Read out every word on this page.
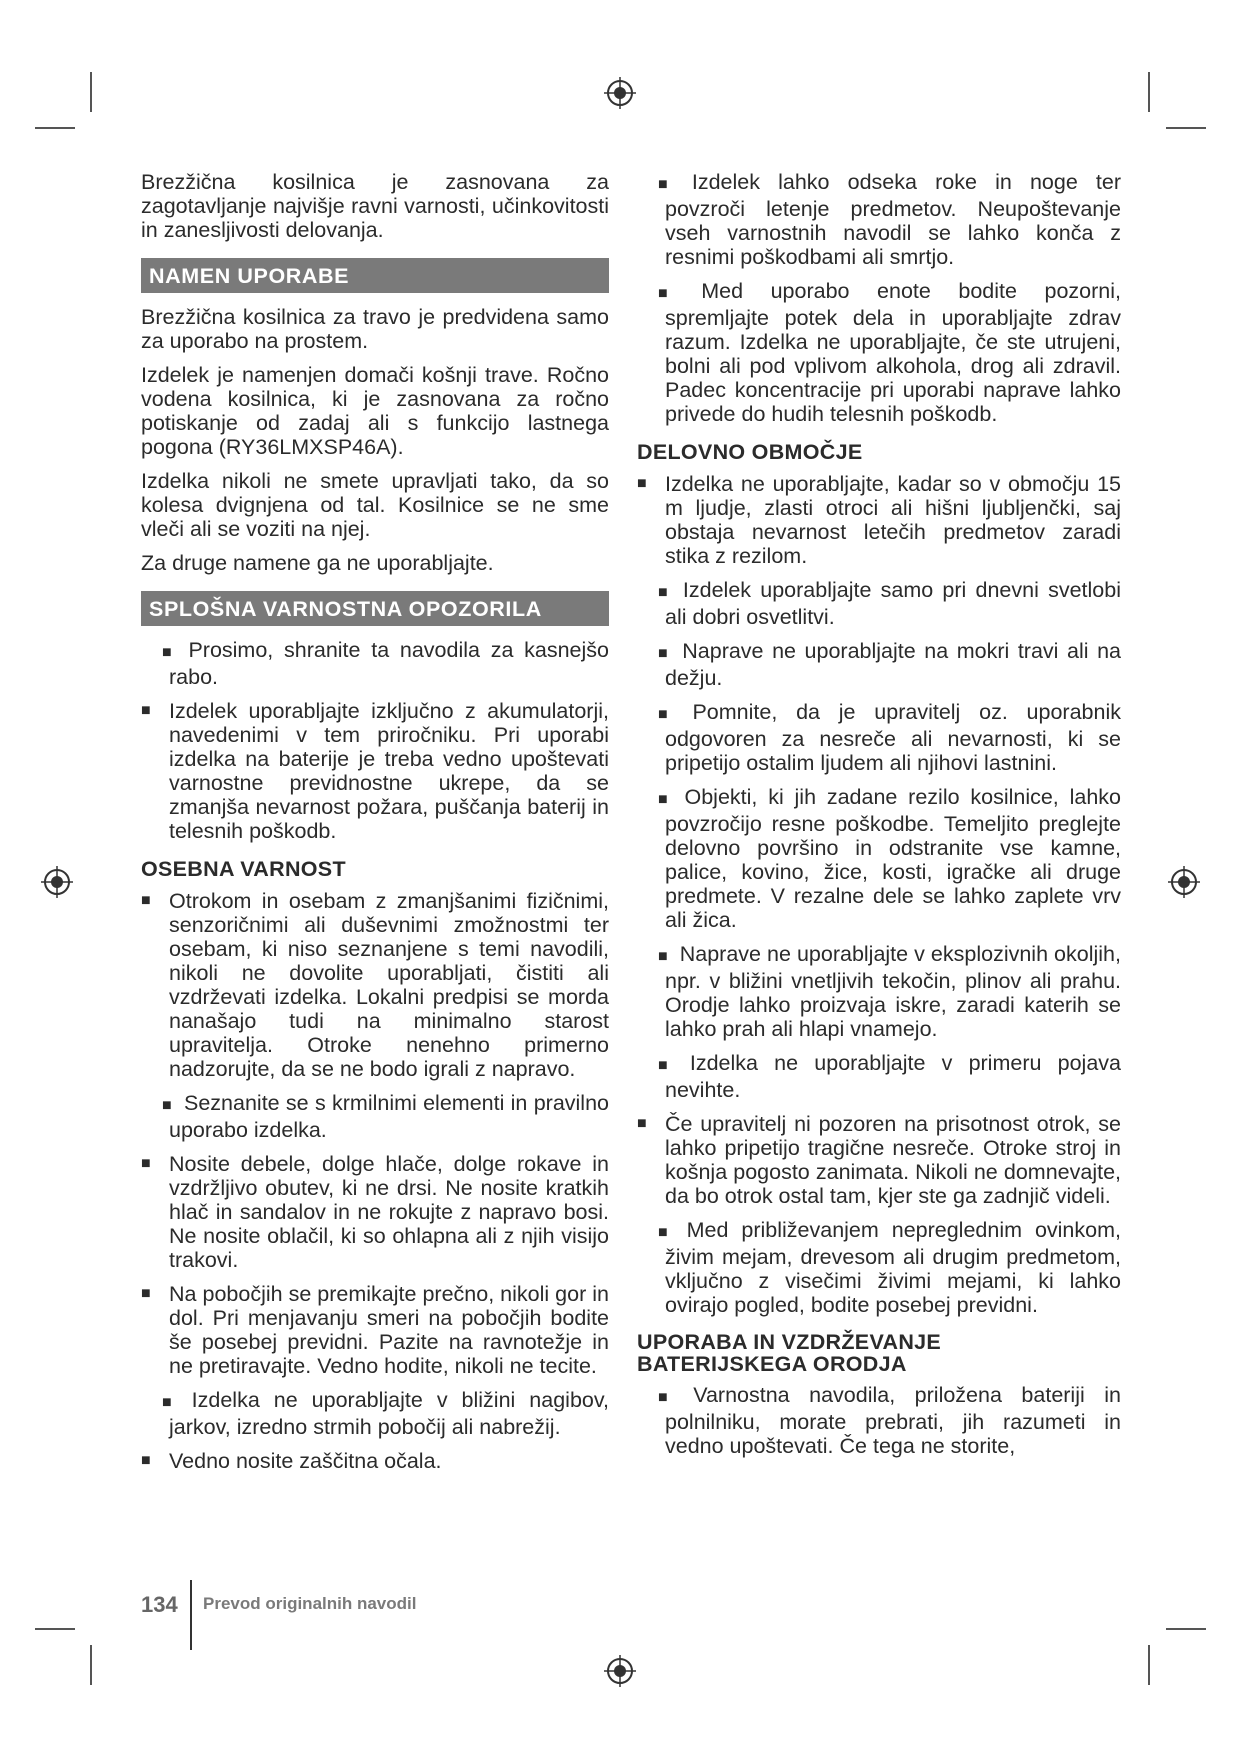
Brezžična kosilnica je zasnovana za zagotavljanje najvišje ravni varnosti, učinkovitosti in zanesljivosti delovanja.

NAMEN UPORABE

Brezžična kosilnica za travo je predvidena samo za uporabo na prostem.

Izdelek je namenjen domači košnji trave. Ročno vodena kosilnica, ki je zasnovana za ročno potiskanje od zadaj ali s funkcijo lastnega pogona (RY36LMXSP46A).

Izdelka nikoli ne smete upravljati tako, da so kolesa dvignjena od tal. Kosilnice se ne sme vleči ali se voziti na njej.

Za druge namene ga ne uporabljajte.

SPLOŠNA VARNOSTNA OPOZORILA

■ Prosimo, shranite ta navodila za kasnejšo rabo.

■ Izdelek uporabljajte izključno z akumulatorji, navedenimi v tem priročniku. Pri uporabi izdelka na baterije je treba vedno upoštevati varnostne previdnostne ukrepe, da se zmanjša nevarnost požara, puščanja baterij in telesnih poškodb.
OSEBNA VARNOST
■ Otrokom in osebam z zmanjšanimi fizičnimi, senzoričnimi ali duševnimi zmožnostmi ter osebam, ki niso seznanjene s temi navodili, nikoli ne dovolite uporabljati, čistiti ali vzdrževati izdelka. Lokalni predpisi se morda nanašajo tudi na minimalno starost upravitelja. Otroke nenehno primerno nadzorujte, da se ne bodo igrali z napravo.

■ Seznanite se s krmilnimi elementi in pravilno uporabo izdelka.

■ Nosite debele, dolge hlače, dolge rokave in vzdržljivo obutev, ki ne drsi. Ne nosite kratkih hlač in sandalov in ne rokujte z napravo bosi. Ne nosite oblačil, ki so ohlapna ali z njih visijo trakovi.
■ Na pobočjih se premikajte prečno, nikoli gor in dol. Pri menjavanju smeri na pobočjih bodite še posebej previdni. Pazite na ravnotežje in ne pretiravajte. Vedno hodite, nikoli ne tecite.

■ Izdelka ne uporabljajte v bližini nagibov, jarkov, izredno strmih pobočij ali nabrežij.

■ Vedno nosite zaščitna očala.

■ Izdelek lahko odseka roke in noge ter povzroči letenje predmetov. Neupoštevanje vseh varnostnih navodil se lahko konča z resnimi poškodbami ali smrtjo.

■ Med uporabo enote bodite pozorni, spremljajte potek dela in uporabljajte zdrav razum. Izdelka ne uporabljajte, če ste utrujeni, bolni ali pod vplivom alkohola, drog ali zdravil. Padec koncentracije pri uporabi naprave lahko privede do hudih telesnih poškodb.

DELOVNO OBMOČJE
■ Izdelka ne uporabljajte, kadar so v območju 15 m ljudje, zlasti otroci ali hišni ljubljenčki, saj obstaja nevarnost letečih predmetov zaradi stika z rezilom.

■ Izdelek uporabljajte samo pri dnevni svetlobi ali dobri osvetlitvi.

■ Naprave ne uporabljajte na mokri travi ali na dežju.

■ Pomnite, da je upravitelj oz. uporabnik odgovoren za nesreče ali nevarnosti, ki se pripetijo ostalim ljudem ali njihovi lastnini.

■ Objekti, ki jih zadane rezilo kosilnice, lahko povzročijo resne poškodbe. Temeljito preglejte delovno površino in odstranite vse kamne, palice, kovino, žice, kosti, igračke ali druge predmete. V rezalne dele se lahko zaplete vrv ali žica.

■ Naprave ne uporabljajte v eksplozivnih okoljih, npr. v bližini vnetljivih tekočin, plinov ali prahu. Orodje lahko proizvaja iskre, zaradi katerih se lahko prah ali hlapi vnamejo.

■ Izdelka ne uporabljajte v primeru pojava nevihte.

■ Če upravitelj ni pozoren na prisotnost otrok, se lahko pripetijo tragične nesreče. Otroke stroj in košnja pogosto zanimata. Nikoli ne domnevajte, da bo otrok ostal tam, kjer ste ga zadnjič videli.

■ Med približevanjem nepreglednim ovinkom, živim mejam, drevesom ali drugim predmetom, vključno z visečimi živimi mejami, ki lahko ovirajo pogled, bodite posebej previdni.

UPORABA IN VZDRŽEVANJE
BATERIJSKEGA ORODJA

■ Varnostna navodila, priložena bateriji in polnilniku, morate prebrati, jih razumeti in vedno upoštevati. Če tega ne storite,

134 Prevod originalnih navodil
